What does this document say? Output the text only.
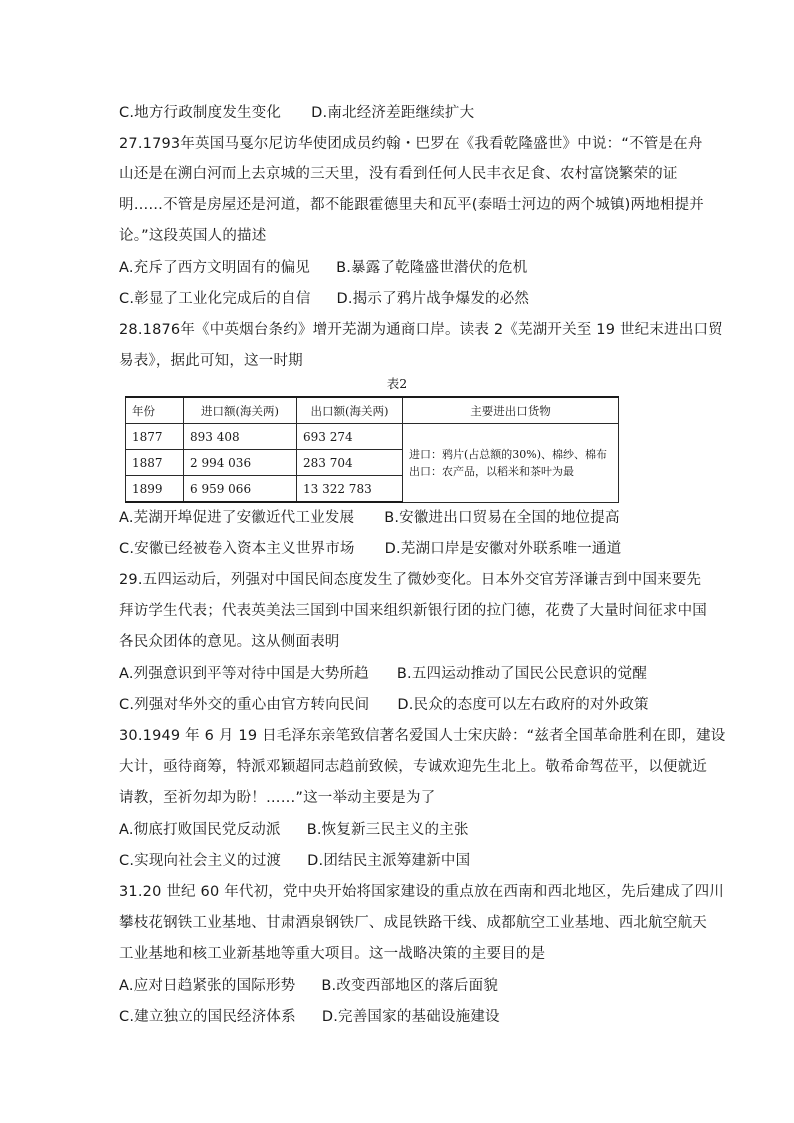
C.地方行政制度发生变化 D.南北经济差距继续扩大
27.1793年英国马戛尔尼访华使团成员约翰・巴罗在《我看乾隆盛世》中说：“不管是在舟
山还是在溯白河而上去京城的三天里，没有看到任何人民丰衣足食、农村富饶繁荣的证
明……不管是房屋还是河道，都不能跟霍德里夫和瓦平(泰晤士河边的两个城镇)两地相提并
论。”这段英国人的描述
A.充斥了西方文明固有的偏见 B.暴露了乾隆盛世潜伏的危机
C.彰显了工业化完成后的自信 D.揭示了鸦片战争爆发的必然
28.1876年《中英烟台条约》增开芜湖为通商口岸。读表 2《芜湖开关至 19 世纪末进出口贸
易表》，据此可知，这一时期
表2
年份	进口额(海关两)	出口额(海关两)	主要进出口货物
1877	893 408	693 274	进口：鸦片(占总额的30%)、棉纱、棉布
出口：农产品，以稻米和茶叶为最

1887	2 994 036	283 704	
1899	6 959 066	13 322 783	
A.芜湖开埠促进了安徽近代工业发展 B.安徽进出口贸易在全国的地位提高
C.安徽已经被卷入资本主义世界市场 D.芜湖口岸是安徽对外联系唯一通道
29.五四运动后，列强对中国民间态度发生了微妙变化。日本外交官芳泽谦吉到中国来要先
拜访学生代表；代表英美法三国到中国来组织新银行团的拉门德，花费了大量时间征求中国
各民众团体的意见。这从侧面表明
A.列强意识到平等对待中国是大势所趋 B.五四运动推动了国民公民意识的觉醒
C.列强对华外交的重心由官方转向民间 D.民众的态度可以左右政府的对外政策
30.1949 年 6 月 19 日毛泽东亲笔致信著名爱国人士宋庆龄：“兹者全国革命胜利在即，建设
大计，亟待商筹，特派邓颖超同志趋前致候，专诚欢迎先生北上。敬希命驾莅平，以便就近
请教，至祈勿却为盼！……”这一举动主要是为了
A.彻底打败国民党反动派 B.恢复新三民主义的主张
C.实现向社会主义的过渡 D.团结民主派筹建新中国
31.20 世纪 60 年代初，党中央开始将国家建设的重点放在西南和西北地区，先后建成了四川
攀枝花钢铁工业基地、甘肃酒泉钢铁厂、成昆铁路干线、成都航空工业基地、西北航空航天
工业基地和核工业新基地等重大项目。这一战略决策的主要目的是
A.应对日趋紧张的国际形势 B.改变西部地区的落后面貌
C.建立独立的国民经济体系 D.完善国家的基础设施建设
